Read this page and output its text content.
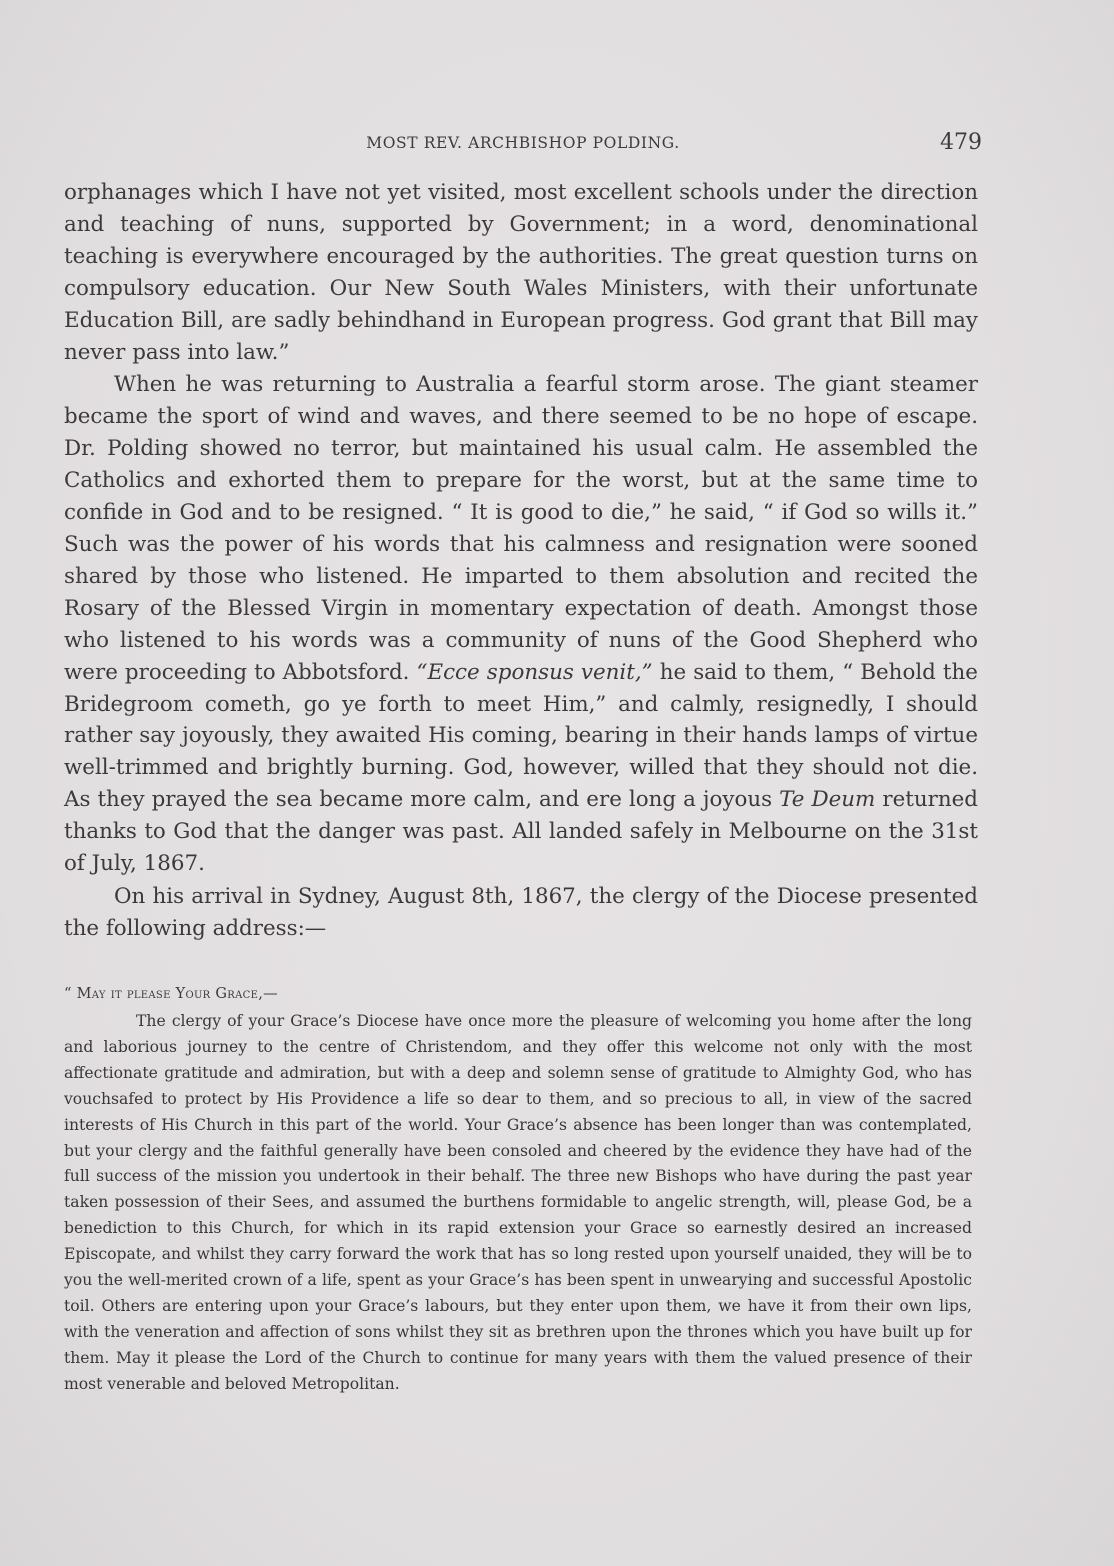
MOST REV. ARCHBISHOP POLDING.	479

orphanages which I have not yet visited, most excellent schools under the direction and teaching of nuns, supported by Government; in a word, denominational teaching is everywhere encouraged by the authorities. The great question turns on compulsory education. Our New South Wales Ministers, with their unfortunate Education Bill, are sadly behindhand in European progress. God grant that Bill may never pass into law.”

When he was returning to Australia a fearful storm arose. The giant steamer became the sport of wind and waves, and there seemed to be no hope of escape. Dr. Polding showed no terror, but maintained his usual calm. He assembled the Catholics and exhorted them to prepare for the worst, but at the same time to confide in God and to be resigned. “ It is good to die,” he said, “ if God so wills it.” Such was the power of his words that his calmness and resignation were sooned shared by those who listened. He imparted to them absolution and recited the Rosary of the Blessed Virgin in momentary expectation of death. Amongst those who listened to his words was a community of nuns of the Good Shepherd who were proceeding to Abbotsford. “Ecce sponsus venit,” he said to them, “ Behold the Bridegroom cometh, go ye forth to meet Him,” and calmly, resignedly, I should rather say joyously, they awaited His coming, bearing in their hands lamps of virtue well-trimmed and brightly burning. God, however, willed that they should not die. As they prayed the sea became more calm, and ere long a joyous Te Deum returned thanks to God that the danger was past. All landed safely in Melbourne on the 31st of July, 1867.

On his arrival in Sydney, August 8th, 1867, the clergy of the Diocese presented the following address:—

“ May it please Your Grace,—

The clergy of your Grace’s Diocese have once more the pleasure of welcoming you home after the long and laborious journey to the centre of Christendom, and they offer this welcome not only with the most affectionate gratitude and admiration, but with a deep and solemn sense of gratitude to Almighty God, who has vouchsafed to protect by His Providence a life so dear to them, and so precious to all, in view of the sacred interests of His Church in this part of the world. Your Grace’s absence has been longer than was contemplated, but your clergy and the faithful generally have been consoled and cheered by the evidence they have had of the full success of the mission you undertook in their behalf. The three new Bishops who have during the past year taken possession of their Sees, and assumed the burthens formidable to angelic strength, will, please God, be a benediction to this Church, for which in its rapid extension your Grace so earnestly desired an increased Episcopate, and whilst they carry forward the work that has so long rested upon yourself unaided, they will be to you the well-merited crown of a life, spent as your Grace’s has been spent in unwearying and successful Apostolic toil. Others are entering upon your Grace’s labours, but they enter upon them, we have it from their own lips, with the veneration and affection of sons whilst they sit as brethren upon the thrones which you have built up for them. May it please the Lord of the Church to continue for many years with them the valued presence of their most venerable and beloved Metropolitan.
